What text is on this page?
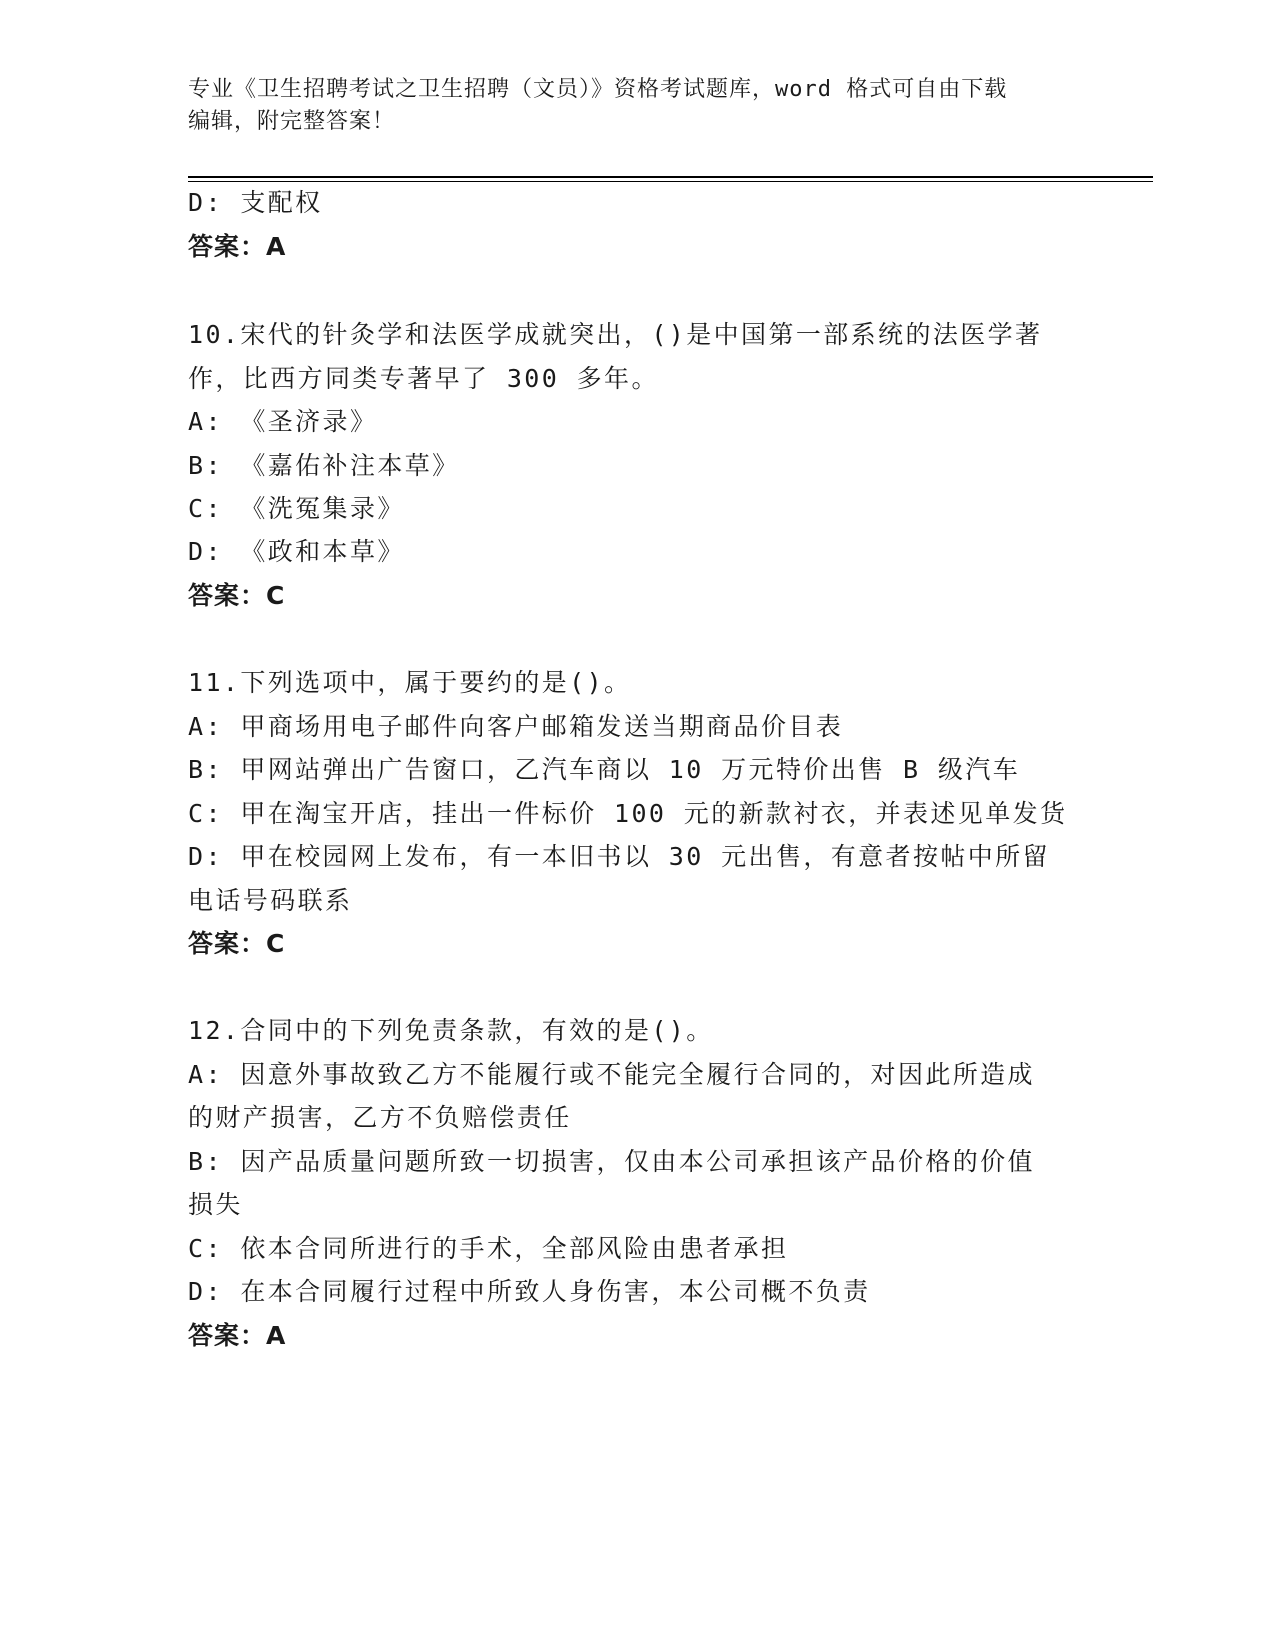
专业《卫生招聘考试之卫生招聘（文员）》资格考试题库，word 格式可自由下载
编辑，附完整答案！
D: 支配权
答案：A
10.宋代的针灸学和法医学成就突出，()是中国第一部系统的法医学著
作，比西方同类专著早了 300 多年。
A: 《圣济录》
B: 《嘉佑补注本草》
C: 《洗冤集录》
D: 《政和本草》
答案：C
11.下列选项中，属于要约的是()。
A: 甲商场用电子邮件向客户邮箱发送当期商品价目表
B: 甲网站弹出广告窗口，乙汽车商以 10 万元特价出售 B 级汽车
C: 甲在淘宝开店，挂出一件标价 100 元的新款衬衣，并表述见单发货
D: 甲在校园网上发布，有一本旧书以 30 元出售，有意者按帖中所留
电话号码联系
答案：C
12.合同中的下列免责条款，有效的是()。
A: 因意外事故致乙方不能履行或不能完全履行合同的，对因此所造成
的财产损害，乙方不负赔偿责任
B: 因产品质量问题所致一切损害，仅由本公司承担该产品价格的价值
损失
C: 依本合同所进行的手术，全部风险由患者承担
D: 在本合同履行过程中所致人身伤害，本公司概不负责
答案：A
